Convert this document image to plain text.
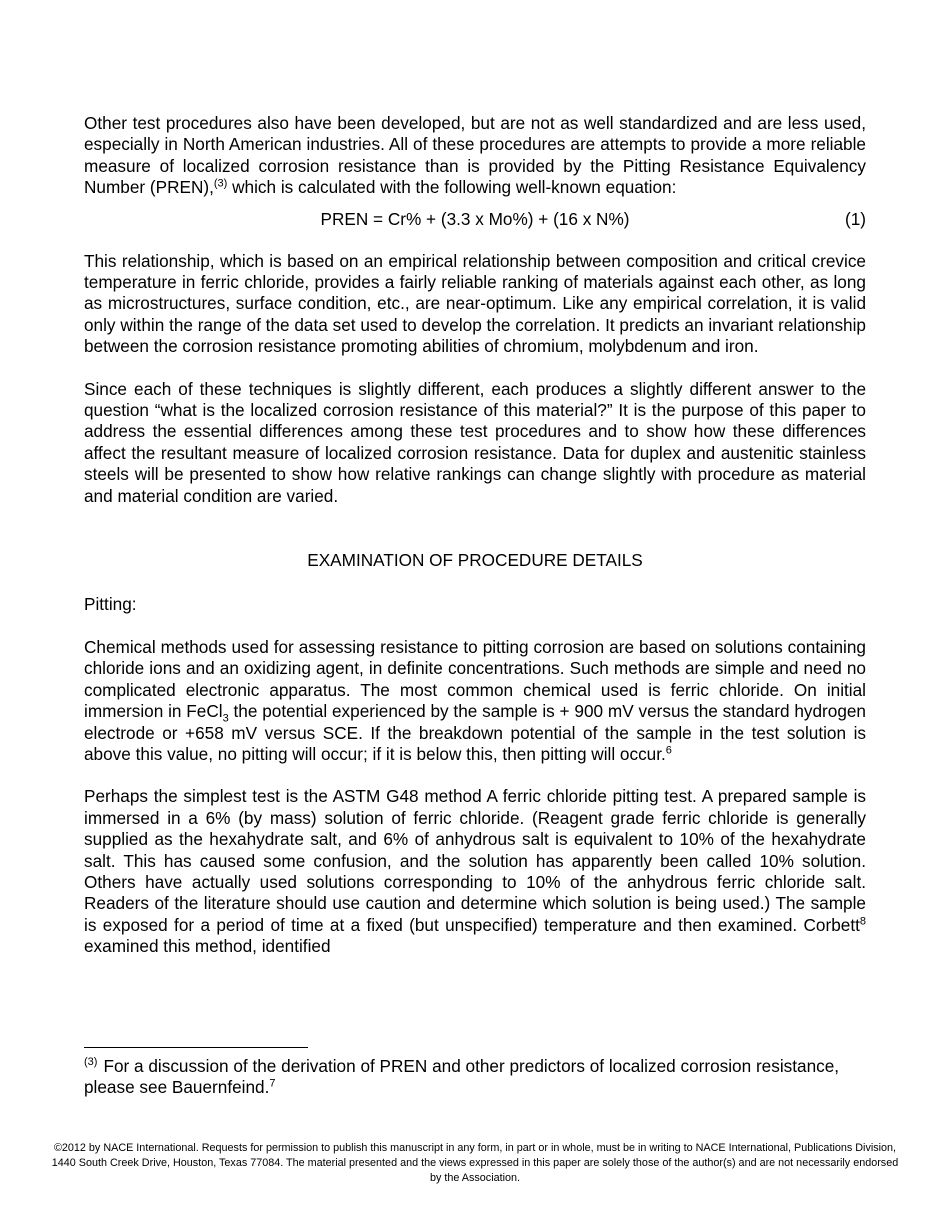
Other test procedures also have been developed, but are not as well standardized and are less used, especially in North American industries. All of these procedures are attempts to provide a more reliable measure of localized corrosion resistance than is provided by the Pitting Resistance Equivalency Number (PREN),$^{(3)}$ which is calculated with the following well-known equation:

PREN = Cr% + (3.3 x Mo%) + (16 x N%)	(1)

This relationship, which is based on an empirical relationship between composition and critical crevice temperature in ferric chloride, provides a fairly reliable ranking of materials against each other, as long as microstructures, surface condition, etc., are near-optimum. Like any empirical correlation, it is valid only within the range of the data set used to develop the correlation. It predicts an invariant relationship between the corrosion resistance promoting abilities of chromium, molybdenum and iron.

Since each of these techniques is slightly different, each produces a slightly different answer to the question “what is the localized corrosion resistance of this material?” It is the purpose of this paper to address the essential differences among these test procedures and to show how these differences affect the resultant measure of localized corrosion resistance. Data for duplex and austenitic stainless steels will be presented to show how relative rankings can change slightly with procedure as material and material condition are varied.

EXAMINATION OF PROCEDURE DETAILS
Pitting:

Chemical methods used for assessing resistance to pitting corrosion are based on solutions containing chloride ions and an oxidizing agent, in definite concentrations. Such methods are simple and need no complicated electronic apparatus. The most common chemical used is ferric chloride. On initial immersion in FeCl$_3$ the potential experienced by the sample is + 900 mV versus the standard hydrogen electrode or +658 mV versus SCE. If the breakdown potential of the sample in the test solution is above this value, no pitting will occur; if it is below this, then pitting will occur.$^6$

Perhaps the simplest test is the ASTM G48 method A ferric chloride pitting test. A prepared sample is immersed in a 6% (by mass) solution of ferric chloride. (Reagent grade ferric chloride is generally supplied as the hexahydrate salt, and 6% of anhydrous salt is equivalent to 10% of the hexahydrate salt. This has caused some confusion, and the solution has apparently been called 10% solution. Others have actually used solutions corresponding to 10% of the anhydrous ferric chloride salt. Readers of the literature should use caution and determine which solution is being used.) The sample is exposed for a period of time at a fixed (but unspecified) temperature and then examined. Corbett$^8$ examined this method, identified

$^{(3)}$ For a discussion of the derivation of PREN and other predictors of localized corrosion resistance, please see Bauernfeind.$^7$
©2012 by NACE International. Requests for permission to publish this manuscript in any form, in part or in whole, must be in writing to NACE International, Publications Division, 1440 South Creek Drive, Houston, Texas 77084. The material presented and the views expressed in this paper are solely those of the author(s) and are not necessarily endorsed by the Association.
